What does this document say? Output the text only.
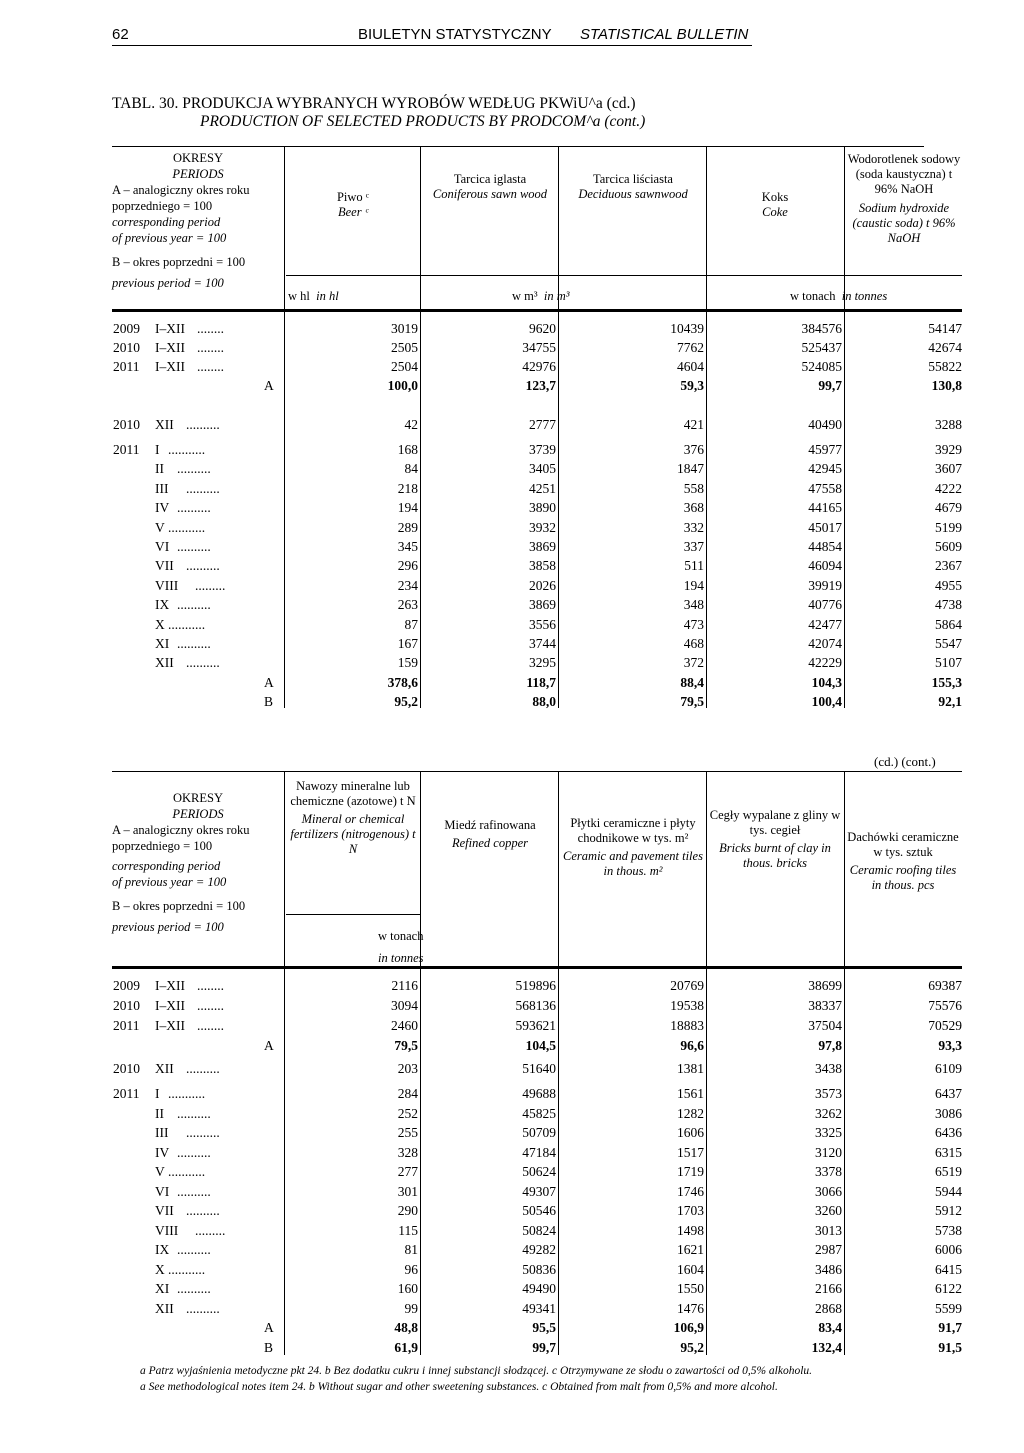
62	BIULETYN STATYSTYCZNY STATISTICAL BULLETIN
TABL. 30. PRODUKCJA WYBRANYCH WYROBÓW WEDŁUG PKWiU^a (cd.)
PRODUCTION OF SELECTED PRODUCTS BY PRODCOM^a (cont.)
OKRESY
PERIODS
A – analogiczny okres roku
poprzedniego = 100
corresponding period
of previous year = 100
B – okres poprzedni = 100
previous period = 100
Piwo ᶜ
Beer ᶜ
Tarcica iglasta
Coniferous sawn wood
Tarcica liściasta
Deciduous sawnwood	Koks
Coke
Wodorotlenek sodowy (soda kaustyczna) t 96% NaOH
Sodium hydroxide (caustic soda) t 96% NaOH
w hl in hl	w m³ in m³	w tonach in tonnes
2009 I–XII ........	3019	9620	10439	384576	54147
2010 I–XII ........	2505	34755	7762	525437	42674
2011 I–XII ........	2504	42976	4604	524085	55822
A	100,0	123,7	59,3	99,7	130,8
2010 XII ..........	42	2777	421	40490	3288
2011 I ...........	168	3739	376	45977	3929
II ..........	84	3405	1847	42945	3607
III ..........	218	4251	558	47558	4222
IV ..........	194	3890	368	44165	4679
V ...........	289	3932	332	45017	5199
VI ..........	345	3869	337	44854	5609
VII ..........	296	3858	511	46094	2367
VIII .........	234	2026	194	39919	4955
IX ..........	263	3869	348	40776	4738
X ...........	87	3556	473	42477	5864
XI ..........	167	3744	468	42074	5547
XII ..........	159	3295	372	42229	5107
A	378,6	118,7	88,4	104,3	155,3
B	95,2	88,0	79,5	100,4	92,1
(cd.) (cont.)
OKRESY
PERIODS
A – analogiczny okres roku
poprzedniego = 100
corresponding period
of previous year = 100
B – okres poprzedni = 100
previous period = 100
Nawozy mineralne lub chemiczne (azotowe) t N
Mineral or chemical fertilizers (nitrogenous) t N
Miedź rafinowana
Refined copper
Płytki ceramiczne i płyty chodnikowe w tys. m²
Ceramic and pavement tiles in thous. m²
Cegły wypalane z gliny w tys. cegieł
Bricks burnt of clay in thous. bricks
Dachówki ceramiczne w tys. sztuk
Ceramic roofing tiles in thous. pcs
w tonach
in tonnes
2009 I–XII ........	2116	519896	20769	38699	69387
2010 I–XII ........	3094	568136	19538	38337	75576
2011 I–XII ........	2460	593621	18883	37504	70529
A	79,5	104,5	96,6	97,8	93,3
2010 XII ..........	203	51640	1381	3438	6109
2011 I ...........	284	49688	1561	3573	6437
II ..........	252	45825	1282	3262	3086
III ..........	255	50709	1606	3325	6436
IV ..........	328	47184	1517	3120	6315
V ...........	277	50624	1719	3378	6519
VI ..........	301	49307	1746	3066	5944
VII ..........	290	50546	1703	3260	5912
VIII .........	115	50824	1498	3013	5738
IX ..........	81	49282	1621	2987	6006
X ...........	96	50836	1604	3486	6415
XI ..........	160	49490	1550	2166	6122
XII ..........	99	49341	1476	2868	5599
A	48,8	95,5	106,9	83,4	91,7
B	61,9	99,7	95,2	132,4	91,5
a Patrz wyjaśnienia metodyczne pkt 24. b Bez dodatku cukru i innej substancji słodzącej. c Otrzymywane ze słodu o zawartości od 0,5% alkoholu.
a See methodological notes item 24. b Without sugar and other sweetening substances. c Obtained from malt from 0,5% and more alcohol.
